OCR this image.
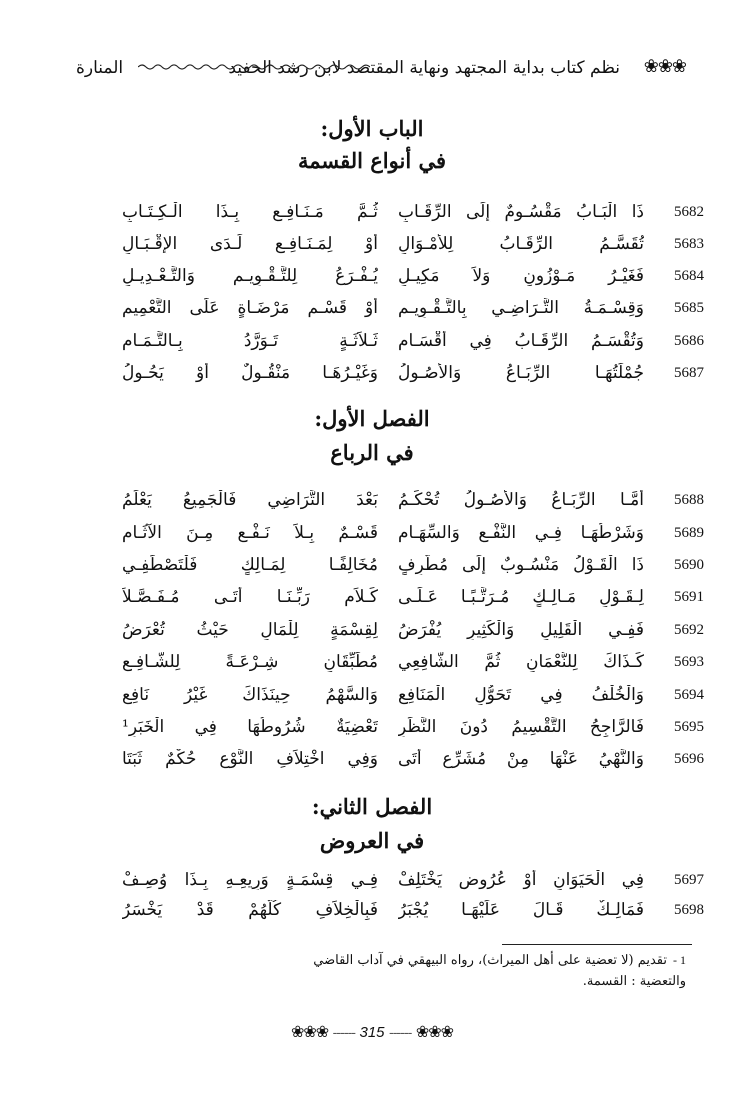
❀❀❀
نظم كتاب بداية المجتهد ونهاية المقتصد لابن رشد الحفيد
المنارة
الباب الأول:
في أنواع القسمة
5682
ذَا الْبَـابُ مَقْسُـومٌ إِلَى الرِّقَـابِ
ثُـمَّ مَـنَـافِـعٍ بِـذَا الْـكِـتَـابِ
5683
تُقَسَّـمُ الرِّقَـابُ لِلأَمْـوَالِ
أَوْ لِمَـنَـافِـعٍ لَـدَى الإِقْـبَـالِ
5684
فَغَيْـرُ مَـوْزُونٍ وَلاَ مَكِيـلِ
يُـفْـرَعُ لِلتَّـقْـوِيـمِ وَالتَّـعْـدِيـلِ
5685
وَقِسْـمَـةُ التَّـرَاضِـي بِالتَّـقْـوِيـمِ
أَوْ قَسْـمِ مَرْضَـاةٍ عَلَى التَّعْمِيمِ
5686
وَتُقْسَـمُ الرِّقَـابُ فِي أَقْسَـامِ
ثَـلاَثَـةٍ تَـوَرَّدُ بِـالتَّـمَـامِ
5687
جُمْلَتُهَـا الرِّبَـاعُ وَالأُصُـولُ
وَغَيْـرُهَـا مَنْقُـولٌ أَوْ يَحُـولُ
الفصل الأول:
في الرباع
5688
أَمَّـا الرِّبَـاعُ وَالأُصُـولُ تُحْكَـمُ
بَعْدَ التَّرَاضِي فَالْجَمِيعُ يَعْلَمُ
5689
وَشَرْطُهَـا فِـي النَّفْـعِ وَالسِّهَـامِ
قَسْـمٌ بِـلاَ نَـفْـعٍ مِـنَ الآثَـامِ
5690
ذَا الْقَـوْلُ مَنْسُـوبٌ إِلَى مُطَّرِفٍ
مُخَالِفًـا لِمَـالِكٍ فَلْتَصْطَفِـي
5691
لِـقَـوْلِ مَـالِـكٍ مُـرَتَّـبًـا عَـلَـى
كَـلاَمٍ رَبِّـنَـا أَتَـى مُـفَـصَّـلاَ
5692
فَفِـي الْقَلِيلِ وَالْكَثِيرِ يُفْرَضُ
لِقِسْمَةٍ لِلْمَالِ حَيْثُ تُعْرَضُ
5693
كَـذَاكَ لِلنُّعْمَانِ ثُمَّ الشَّافِعِي
مُطَبِّقَانِ شِـرْعَـةً لِلشَّـافِـعِ
5694
وَالْخُلْفُ فِي تَحَوُّلِ الْمَنَافِعِ
وَالسَّهْمُ حِينَذَاكَ غَيْرُ نَافِعِ
5695
فَالرَّاجِحُ التَّقْسِيمُ دُونَ النَّظَرِ
تَعْضِيَةٌ شُرُوطُهَا فِي الْخَبَرِ¹
5696
وَالنَّهْيُ عَنْهَا مِنْ مُشَرِّعٍ أَتَى
وَفِي اخْتِلاَفِ النَّوْعِ حُكْمٌ ثَبَتَا
الفصل الثاني:
في العروض
5697
فِي الْحَيَوَانِ أَوْ عُرُوضٍ يَخْتَلِفْ
فِـي قِسْمَـةٍ وَرِيعِـهِ بِـذَا وُصِـفْ
5698
فَمَالِـكٌ قَـالَ عَلَيْهَـا يُجْبَرُ
فَبِالْخِلاَفِ كُلُّهُمْ قَدْ يَخْسَرُ
1 -تقديم (لا تعضية على أهل الميراث)، رواه البيهقي في آداب القاضي
والتعضية : القسمة.
❀❀❀ ------ 315 ------ ❀❀❀
